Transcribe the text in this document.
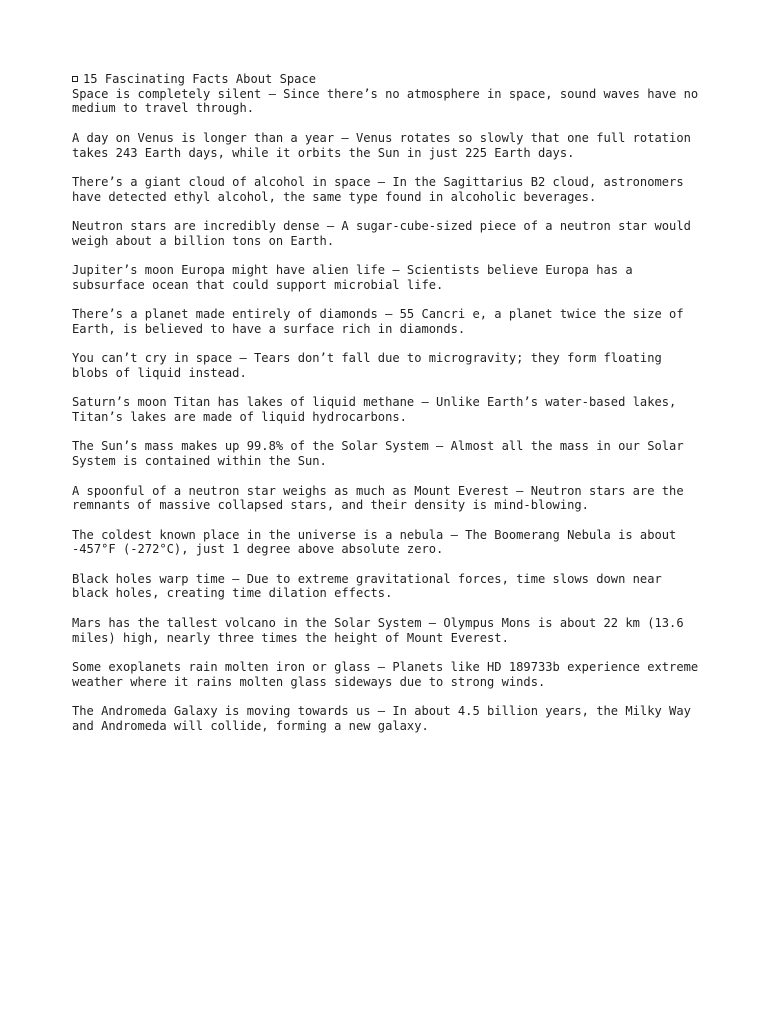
15 Fascinating Facts About Space

Space is completely silent – Since there’s no atmosphere in space, sound waves have no medium to travel through.

A day on Venus is longer than a year – Venus rotates so slowly that one full rotation takes 243 Earth days, while it orbits the Sun in just 225 Earth days.

There’s a giant cloud of alcohol in space – In the Sagittarius B2 cloud, astronomers have detected ethyl alcohol, the same type found in alcoholic beverages.

Neutron stars are incredibly dense – A sugar-cube-sized piece of a neutron star would weigh about a billion tons on Earth.

Jupiter’s moon Europa might have alien life – Scientists believe Europa has a subsurface ocean that could support microbial life.

There’s a planet made entirely of diamonds – 55 Cancri e, a planet twice the size of Earth, is believed to have a surface rich in diamonds.

You can’t cry in space – Tears don’t fall due to microgravity; they form floating blobs of liquid instead.

Saturn’s moon Titan has lakes of liquid methane – Unlike Earth’s water-based lakes, Titan’s lakes are made of liquid hydrocarbons.

The Sun’s mass makes up 99.8% of the Solar System – Almost all the mass in our Solar System is contained within the Sun.

A spoonful of a neutron star weighs as much as Mount Everest – Neutron stars are the remnants of massive collapsed stars, and their density is mind-blowing.

The coldest known place in the universe is a nebula – The Boomerang Nebula is about -457°F (-272°C), just 1 degree above absolute zero.

Black holes warp time – Due to extreme gravitational forces, time slows down near black holes, creating time dilation effects.

Mars has the tallest volcano in the Solar System – Olympus Mons is about 22 km (13.6 miles) high, nearly three times the height of Mount Everest.

Some exoplanets rain molten iron or glass – Planets like HD 189733b experience extreme weather where it rains molten glass sideways due to strong winds.

The Andromeda Galaxy is moving towards us – In about 4.5 billion years, the Milky Way and Andromeda will collide, forming a new galaxy.
